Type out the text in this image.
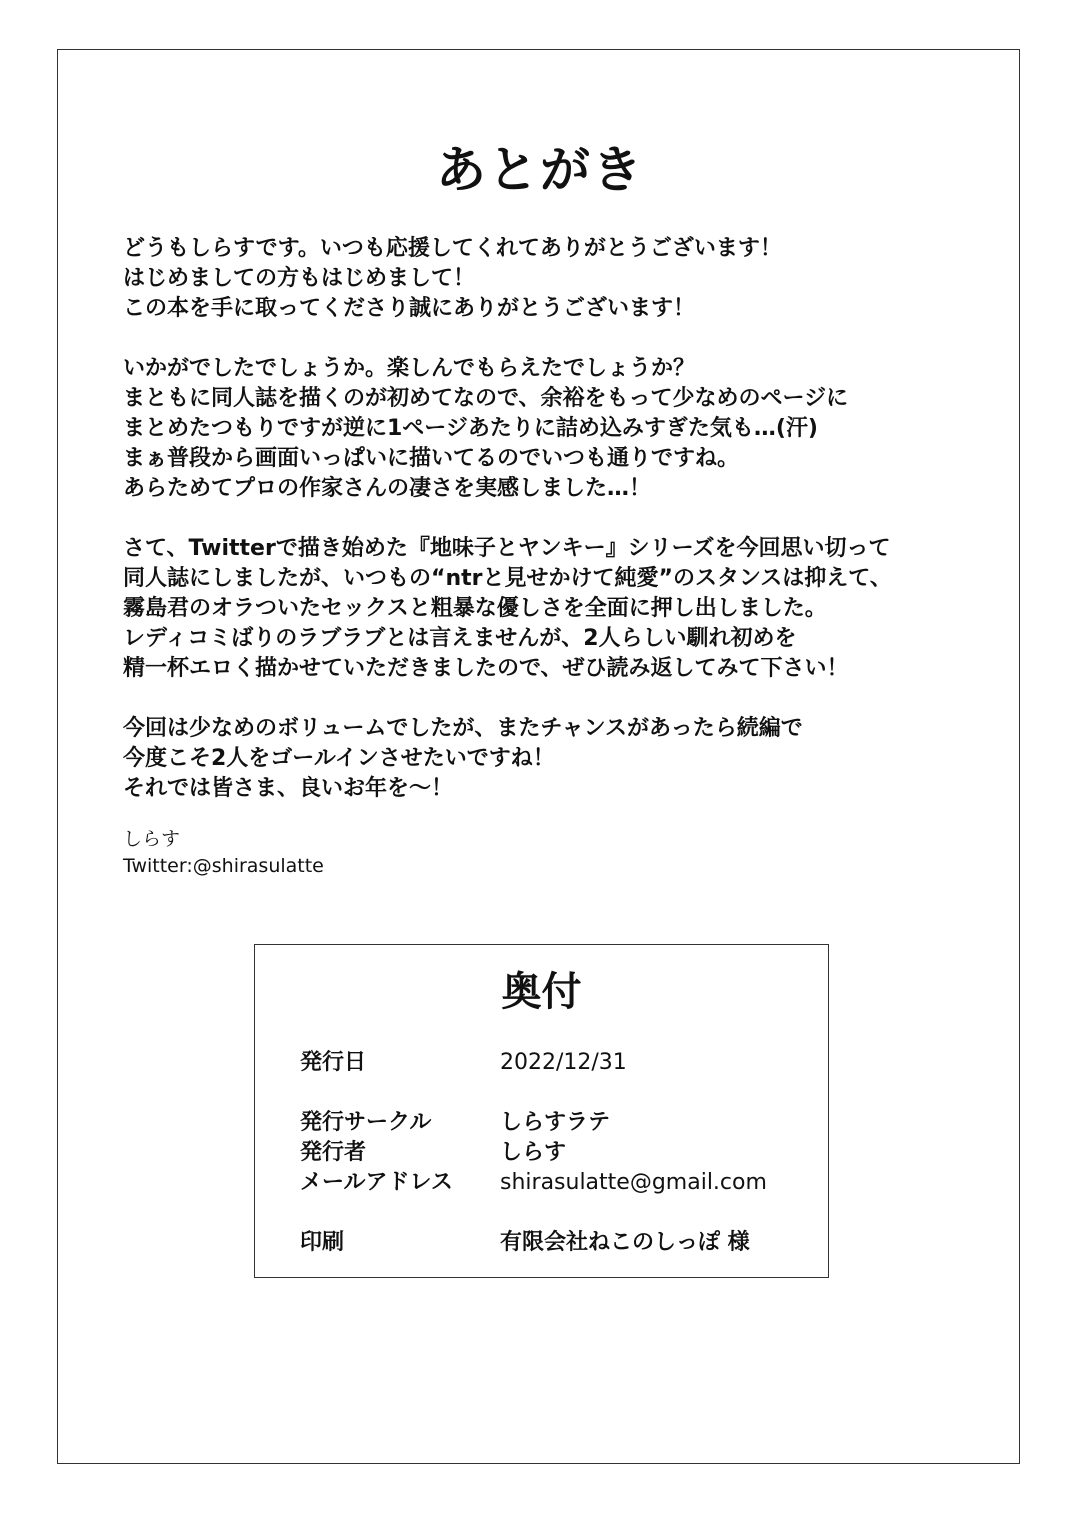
あとがき
どうもしらすです。いつも応援してくれてありがとうございます！
はじめましての方もはじめまして！
この本を手に取ってくださり誠にありがとうございます！
いかがでしたでしょうか。楽しんでもらえたでしょうか？
まともに同人誌を描くのが初めてなので、余裕をもって少なめのページに
まとめたつもりですが逆に1ページあたりに詰め込みすぎた気も…(汗)
まぁ普段から画面いっぱいに描いてるのでいつも通りですね。
あらためてプロの作家さんの凄さを実感しました…！
さて、Twitterで描き始めた『地味子とヤンキー』シリーズを今回思い切って
同人誌にしましたが、いつもの“ntrと見せかけて純愛”のスタンスは抑えて、
霧島君のオラついたセックスと粗暴な優しさを全面に押し出しました。
レディコミばりのラブラブとは言えませんが、2人らしい馴れ初めを
精一杯エロく描かせていただきましたので、ぜひ読み返してみて下さい！
今回は少なめのボリュームでしたが、またチャンスがあったら続編で
今度こそ2人をゴールインさせたいですね！
それでは皆さま、良いお年を〜！
しらす
Twitter:@shirasulatte
奥付
発行日	2022/12/31
発行サークル	しらすラテ
発行者	しらす
メールアドレス	shirasulatte@gmail.com
印刷	有限会社ねこのしっぽ 様
